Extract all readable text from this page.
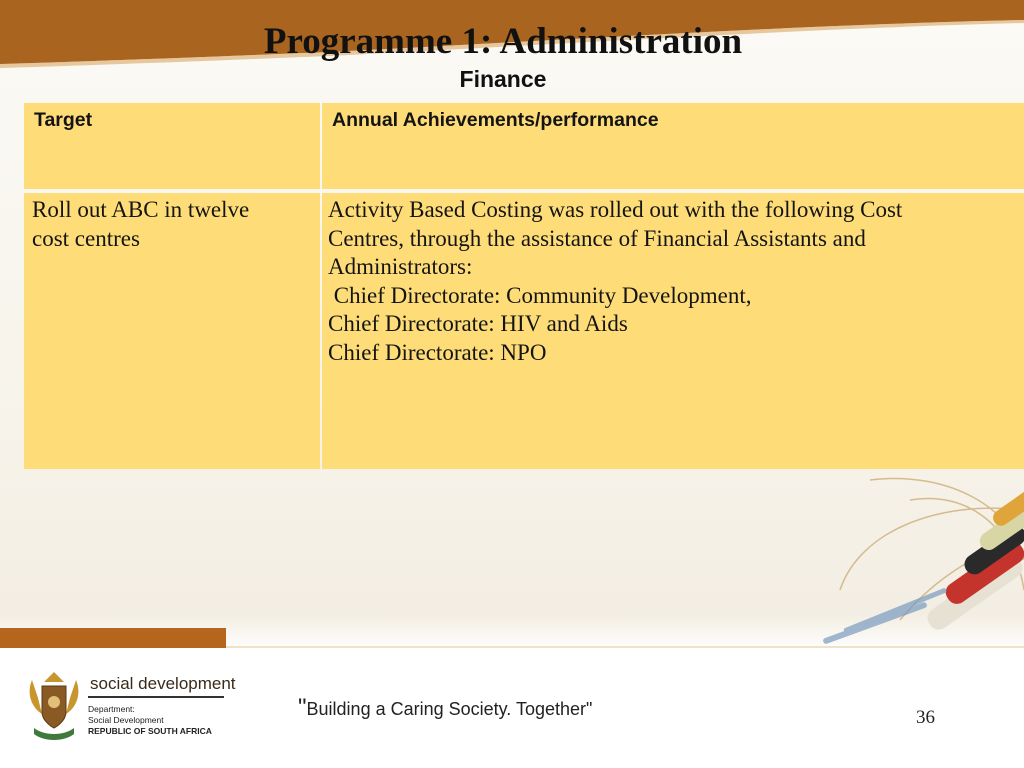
Programme 1: Administration
Finance
Target	Annual Achievements/performance
Roll out ABC in twelve
cost centres
Activity Based Costing was rolled out with the following Cost
Centres, through the assistance of Financial Assistants and
Administrators:
Chief Directorate: Community Development,
Chief Directorate: HIV and Aids
Chief Directorate: NPO
social development
Department:
Social Development
REPUBLIC OF SOUTH AFRICA
"Building a Caring Society. Together"	36
